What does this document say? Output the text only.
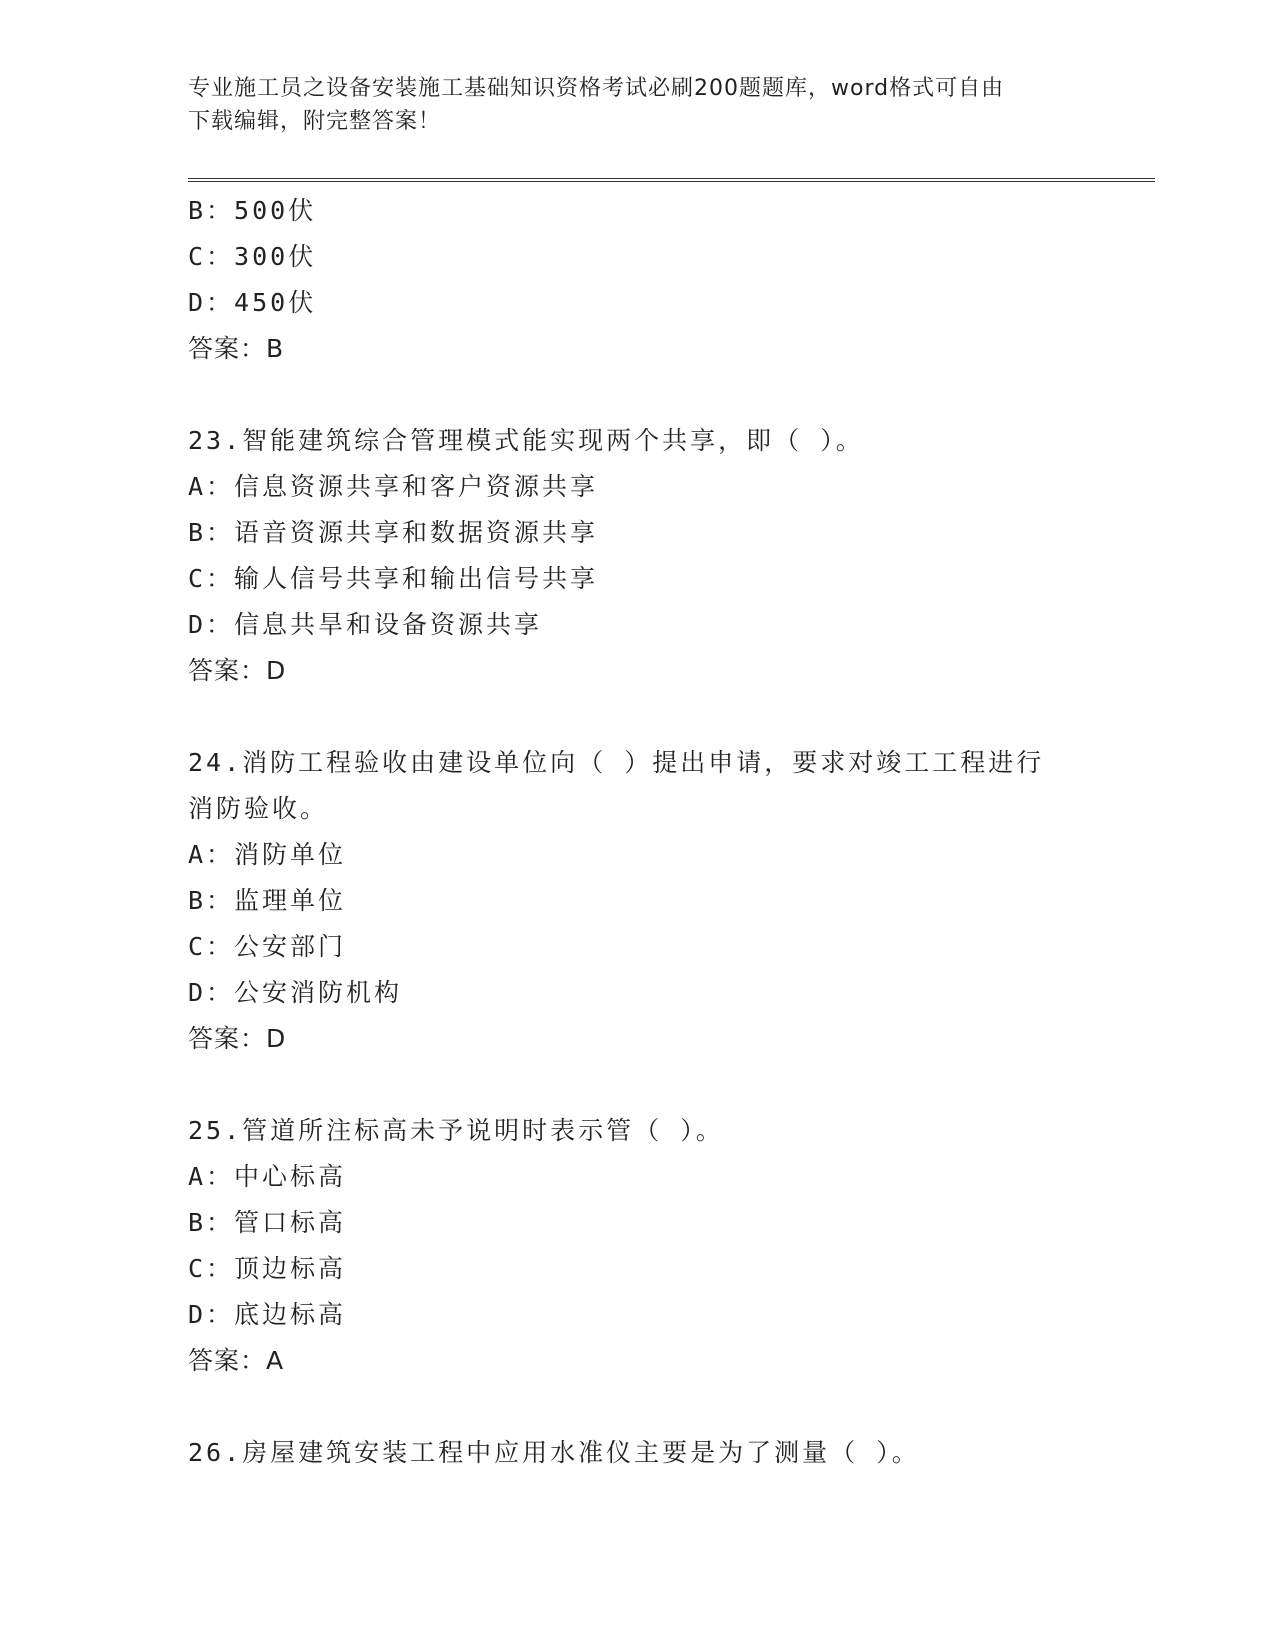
专业施工员之设备安装施工基础知识资格考试必刷200题题库，word格式可自由
下载编辑，附完整答案！
B：500伏
C：300伏
D：450伏
答案：B
23.智能建筑综合管理模式能实现两个共享，即（ ）。
A：信息资源共享和客户资源共享
B：语音资源共享和数据资源共享
C：输人信号共享和输出信号共享
D：信息共旱和设备资源共享
答案：D
24.消防工程验收由建设单位向（ ）提出申请，要求对竣工工程进行
消防验收。
A：消防单位
B：监理单位
C：公安部门
D：公安消防机构
答案：D
25.管道所注标高未予说明时表示管（ ）。
A：中心标高
B：管口标高
C：顶边标高
D：底边标高
答案：A
26.房屋建筑安装工程中应用水准仪主要是为了测量（ ）。
